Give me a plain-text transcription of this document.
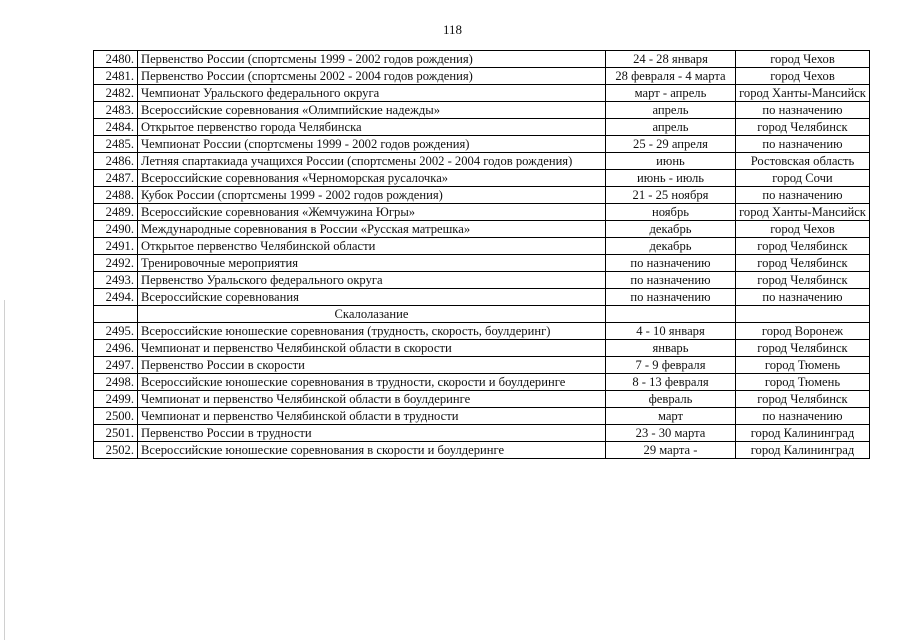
118
2480.	Первенство России (спортсмены 1999 - 2002 годов рождения)	24 - 28 января	город Чехов
2481.	Первенство России (спортсмены 2002 - 2004 годов рождения)	28 февраля - 4 марта	город Чехов
2482.	Чемпионат Уральского федерального округа	март - апрель	город Ханты-Мансийск
2483.	Всероссийские соревнования «Олимпийские надежды»	апрель	по назначению
2484.	Открытое первенство города Челябинска	апрель	город Челябинск
2485.	Чемпионат России (спортсмены 1999 - 2002 годов рождения)	25 - 29 апреля	по назначению
2486.	Летняя спартакиада учащихся России (спортсмены 2002 - 2004 годов рождения)	июнь	Ростовская область
2487.	Всероссийские соревнования «Черноморская русалочка»	июнь - июль	город Сочи
2488.	Кубок России (спортсмены 1999 - 2002 годов рождения)	21 - 25 ноября	по назначению
2489.	Всероссийские соревнования «Жемчужина Югры»	ноябрь	город Ханты-Мансийск
2490.	Международные соревнования в России «Русская матрешка»	декабрь	город Чехов
2491.	Открытое первенство Челябинской области	декабрь	город Челябинск
2492.	Тренировочные мероприятия	по назначению	город Челябинск
2493.	Первенство Уральского федерального округа	по назначению	город Челябинск
2494.	Всероссийские соревнования	по назначению	по назначению
	Скалолазание		
2495.	Всероссийские юношеские соревнования (трудность, скорость, боулдеринг)	4 - 10 января	город Воронеж
2496.	Чемпионат и первенство Челябинской области в скорости	январь	город Челябинск
2497.	Первенство России в скорости	7 - 9 февраля	город Тюмень
2498.	Всероссийские юношеские соревнования в трудности, скорости и боулдеринге	8 - 13 февраля	город Тюмень
2499.	Чемпионат и первенство Челябинской области в боулдеринге	февраль	город Челябинск
2500.	Чемпионат и первенство Челябинской области в трудности	март	по назначению
2501.	Первенство России в трудности	23 - 30 марта	город Калининград
2502.	Всероссийские юношеские соревнования в скорости и боулдеринге	29 марта -	город Калининград
